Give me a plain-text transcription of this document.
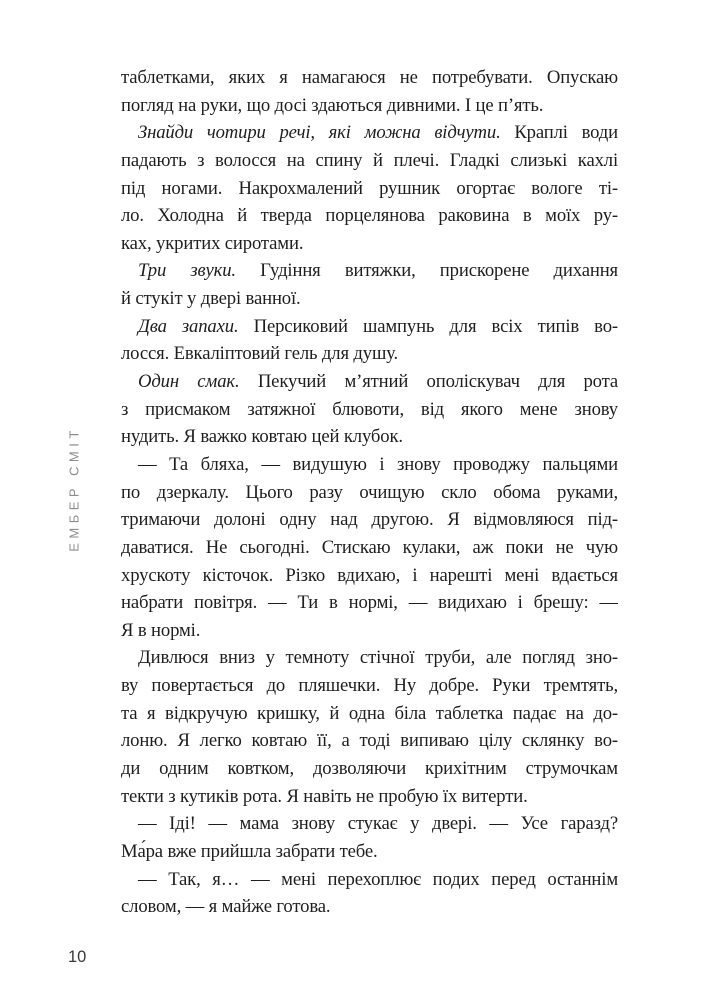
ЕМБЕР СМІТ
таблетками, яких я намагаюся не потребувати. Опускаю
погляд на руки, що досі здаються дивними. І це п’ять.
Знайди чотири речі, які можна відчути. Краплі води
падають з волосся на спину й плечі. Гладкі слизькі кахлі
під ногами. Накрохмалений рушник огортає вологе ті-
ло. Холодна й тверда порцелянова раковина в моїх ру-
ках, укритих сиротами.
Три звуки. Гудіння витяжки, прискорене дихання
й стукіт у двері ванної.
Два запахи. Персиковий шампунь для всіх типів во-
лосся. Евкаліптовий гель для душу.
Один смак. Пекучий м’ятний ополіскувач для рота
з присмаком затяжної блювоти, від якого мене знову
нудить. Я важко ковтаю цей клубок.
— Та бляха, — видушую і знову проводжу пальцями
по дзеркалу. Цього разу очищую скло обома руками,
тримаючи долоні одну над другою. Я відмовляюся під-
даватися. Не сьогодні. Стискаю кулаки, аж поки не чую
хрускоту кісточок. Різко вдихаю, і нарешті мені вдається
набрати повітря. — Ти в нормі, — видихаю і брешу: —
Я в нормі.
Дивлюся вниз у темноту стічної труби, але погляд зно-
ву повертається до пляшечки. Ну добре. Руки тремтять,
та я відкручую кришку, й одна біла таблетка падає на до-
лоню. Я легко ковтаю її, а тоді випиваю цілу склянку во-
ди одним ковтком, дозволяючи крихітним струмочкам
текти з кутиків рота. Я навіть не пробую їх витерти.
— Іді! — мама знову стукає у двері. — Усе гаразд?
Ма́ра вже прийшла забрати тебе.
— Так, я… — мені перехоплює подих перед останнім
словом, — я майже готова.
10
